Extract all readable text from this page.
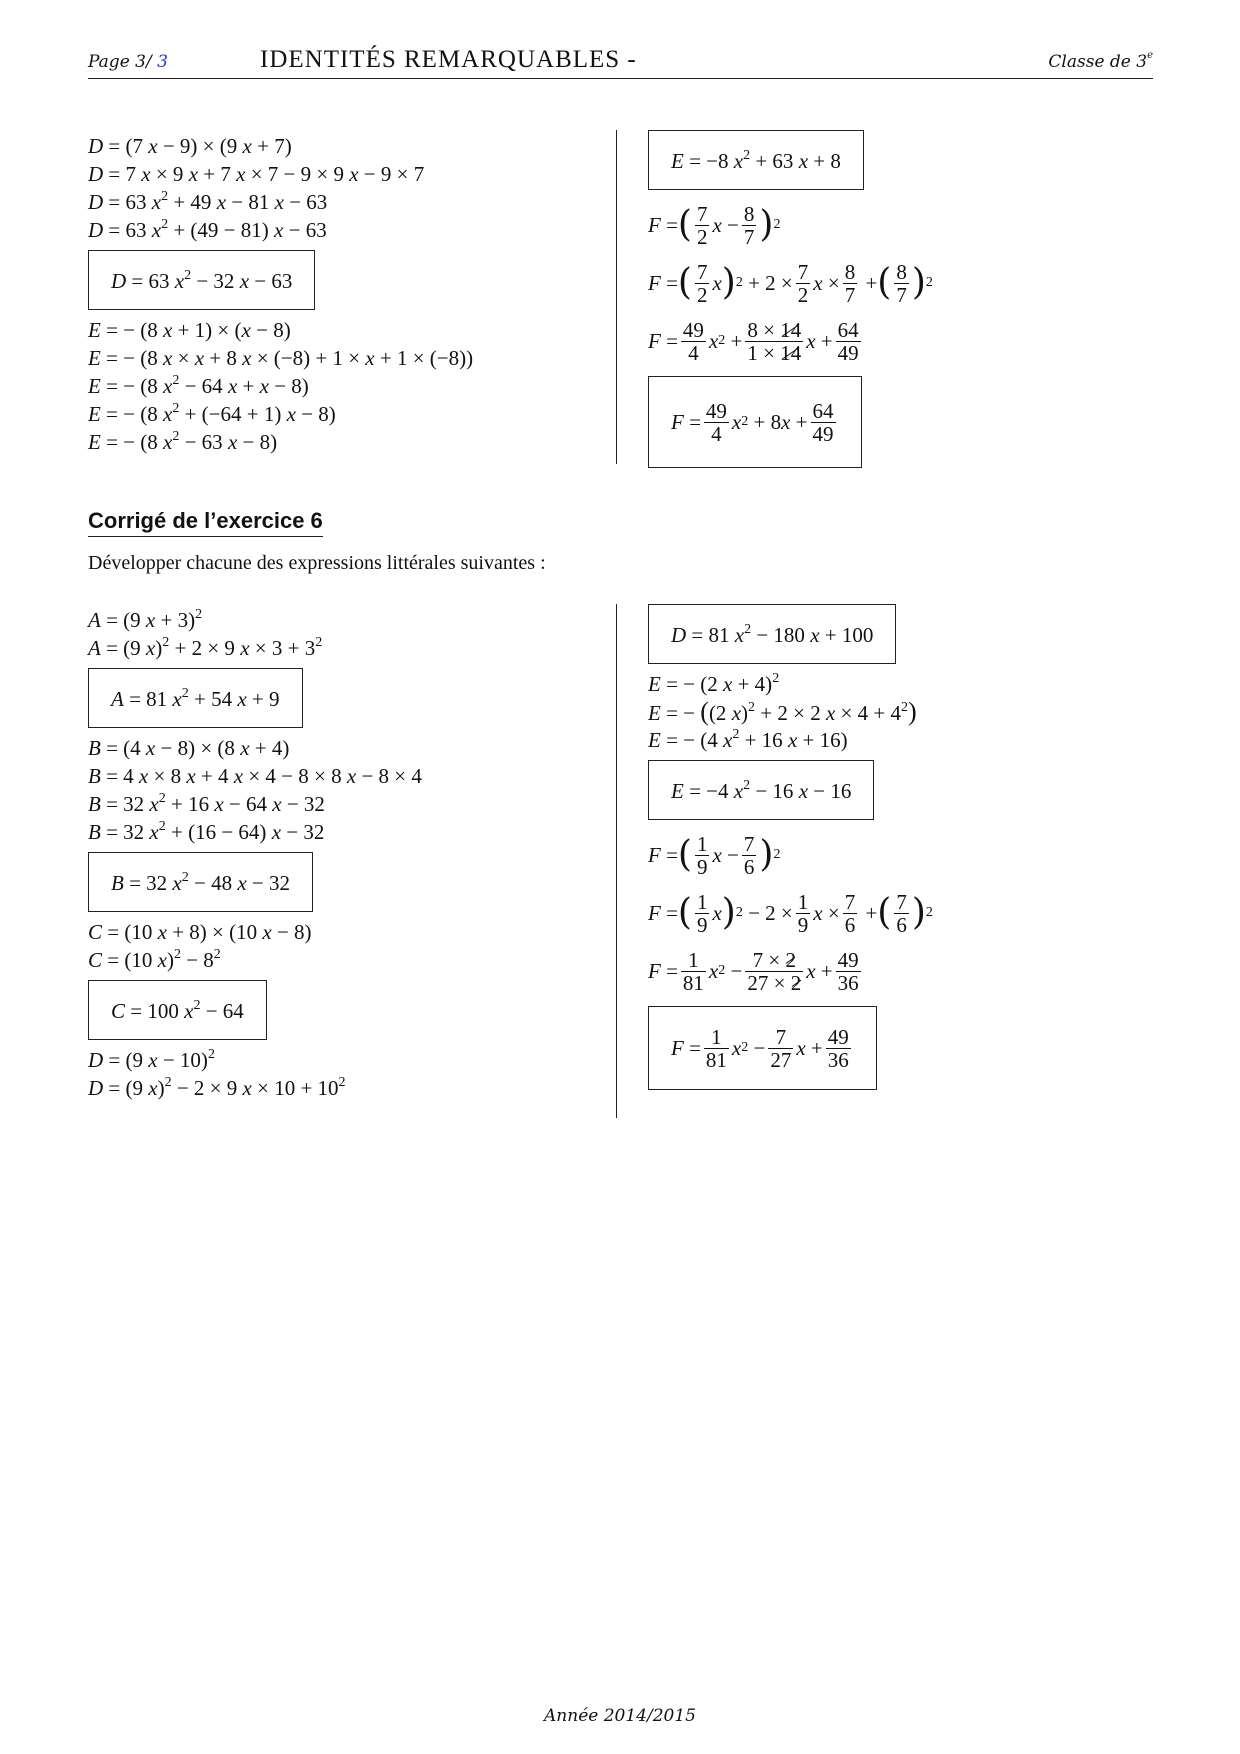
Page 3/ 3	IDENTITÉS REMARQUABLES -	Classe de 3e
D = (7 x − 9) × (9 x + 7)
D = 7 x × 9 x + 7 x × 7 − 9 × 9 x − 9 × 7
D = 63 $x^2 + 49$ x − 81 x − 63
D = 63 $x^2 + (49 - 81) x - 63$
D = 63 $x^2 - 32$ x − 63
E = − (8 x + 1) × (x − 8)
E = − (8 x × x + 8 x × (−8) + 1 × x + 1 × (−8))
E = − (8 $x^2 - 64$ x + x − 8)
E = − (8 $x^2 + (-64 + 1) x - 8$)
E = − (8 $x^2 - 63$ x − 8)
E = −8 $x^2 + 63$ x + 8
F = ( $\frac{7}{2}$ $x - \frac{8}{7}$ ) 2
F = ( $\frac{7}{2}$ x ) $2 + 2 \times \frac{7}{2}$ $x \times \frac{8}{7}$ + ( $\frac{8}{7}$ ) 2
$F = \frac{49}{4}$ x $2 + \frac{8 \times 14}{1 \times 14}$ $x + \frac{64}{49}$
$F = \frac{49}{4}$ x 2 + 8 $x + \frac{64}{49}$
Corrigé de l’exercice 6
Développer chacune des expressions littérales suivantes :
A = (9 x + 3)$^2$
A = (9 x)$^2$ + 2 × 9 $x \times 3 + 3^2$
A = 81 $x^2 + 54$ x + 9
B = (4 x − 8) × (8 x + 4)
B = 4 x × 8 x + 4 x × 4 − 8 × 8 x − 8 × 4
B = 32 $x^2 + 16$ x − 64 x − 32
B = 32 $x^2 + (16 - 64) x - 32$
B = 32 $x^2 - 48$ x − 32
C = (10 x + 8) × (10 x − 8)
C = (10 $x)^2 - 8^2$
C = 100 $x^2 - 64$
D = (9 x − 10)$^2$
D = (9 x)$^2$ − 2 × 9 $x \times 10 + 10^2$
D = 81 $x^2 - 180$ x + 100
E = − (2 x + 4)$^2$
E = − ((2 x)$^2$ + 2 × 2 $x \times 4 + 4^2$)
E = − (4 $x^2 + 16$ x + 16)
E = −4 $x^2 - 16$ x − 16
F = ( $\frac{1}{9}$ $x - \frac{7}{6}$ ) 2
F = ( $\frac{1}{9}$ x ) $2 - 2 \times \frac{1}{9}$ $x \times \frac{7}{6}$ + ( $\frac{7}{6}$ ) 2
$F = \frac{1}{81}$ x $2 - \frac{7 \times 2}{27 \times 2}$ $x + \frac{49}{36}$
$F = \frac{1}{81}$ x $2 - \frac{7}{27}$ $x + \frac{49}{36}$
Année 2014/2015
